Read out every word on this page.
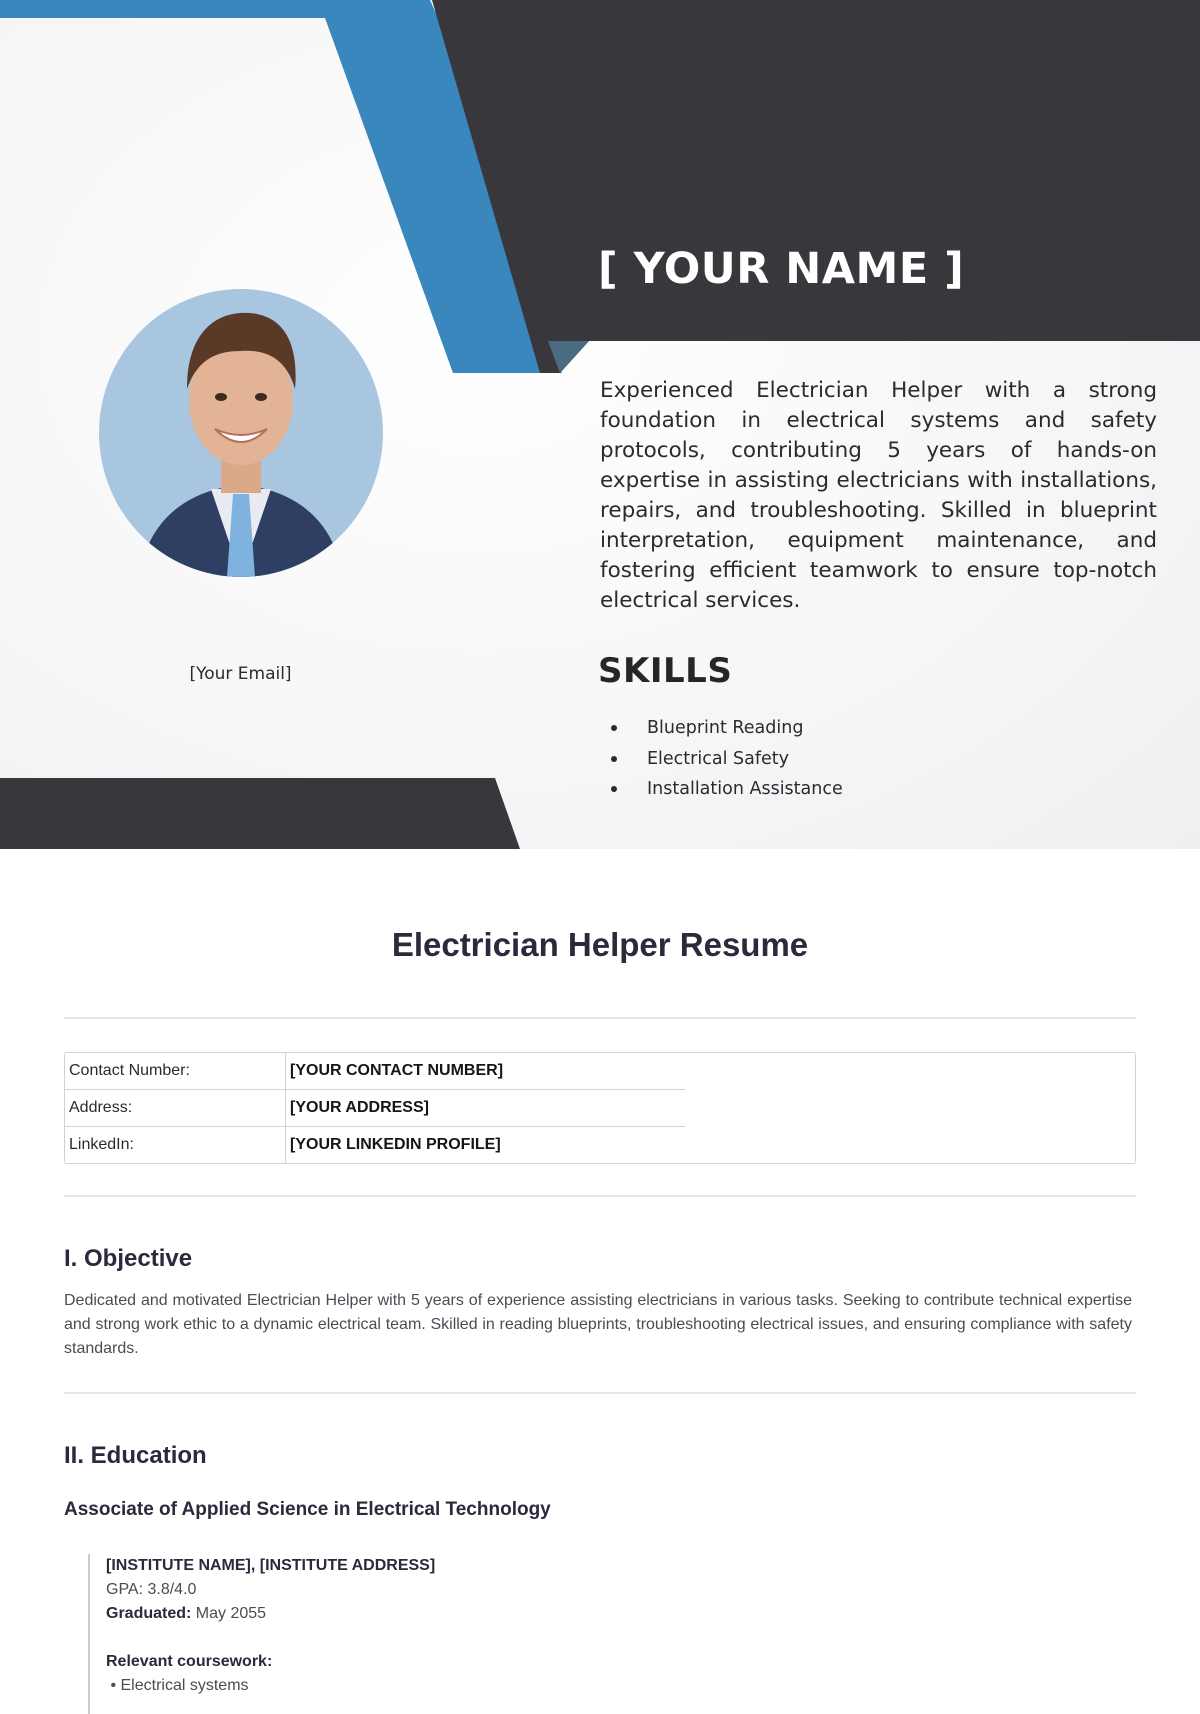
[ YOUR NAME ]
Experienced Electrician Helper with a strong foundation in electrical systems and safety protocols, contributing 5 years of hands-on expertise in assisting electricians with installations, repairs, and troubleshooting. Skilled in blueprint interpretation, equipment maintenance, and fostering efficient teamwork to ensure top-notch electrical services.
[Your Email]	SKILLS
Blueprint Reading
Electrical Safety
Installation Assistance
Electrician Helper Resume
Contact Number:	[YOUR CONTACT NUMBER]
Address:	[YOUR ADDRESS]
LinkedIn:	[YOUR LINKEDIN PROFILE]
I. Objective
Dedicated and motivated Electrician Helper with 5 years of experience assisting electricians in various tasks. Seeking to contribute technical expertise and strong work ethic to a dynamic electrical team. Skilled in reading blueprints, troubleshooting electrical issues, and ensuring compliance with safety standards.
II. Education
Associate of Applied Science in Electrical Technology
[INSTITUTE NAME], [INSTITUTE ADDRESS]
GPA: 3.8/4.0
Graduated: May 2055
Relevant coursework:
• Electrical systems
